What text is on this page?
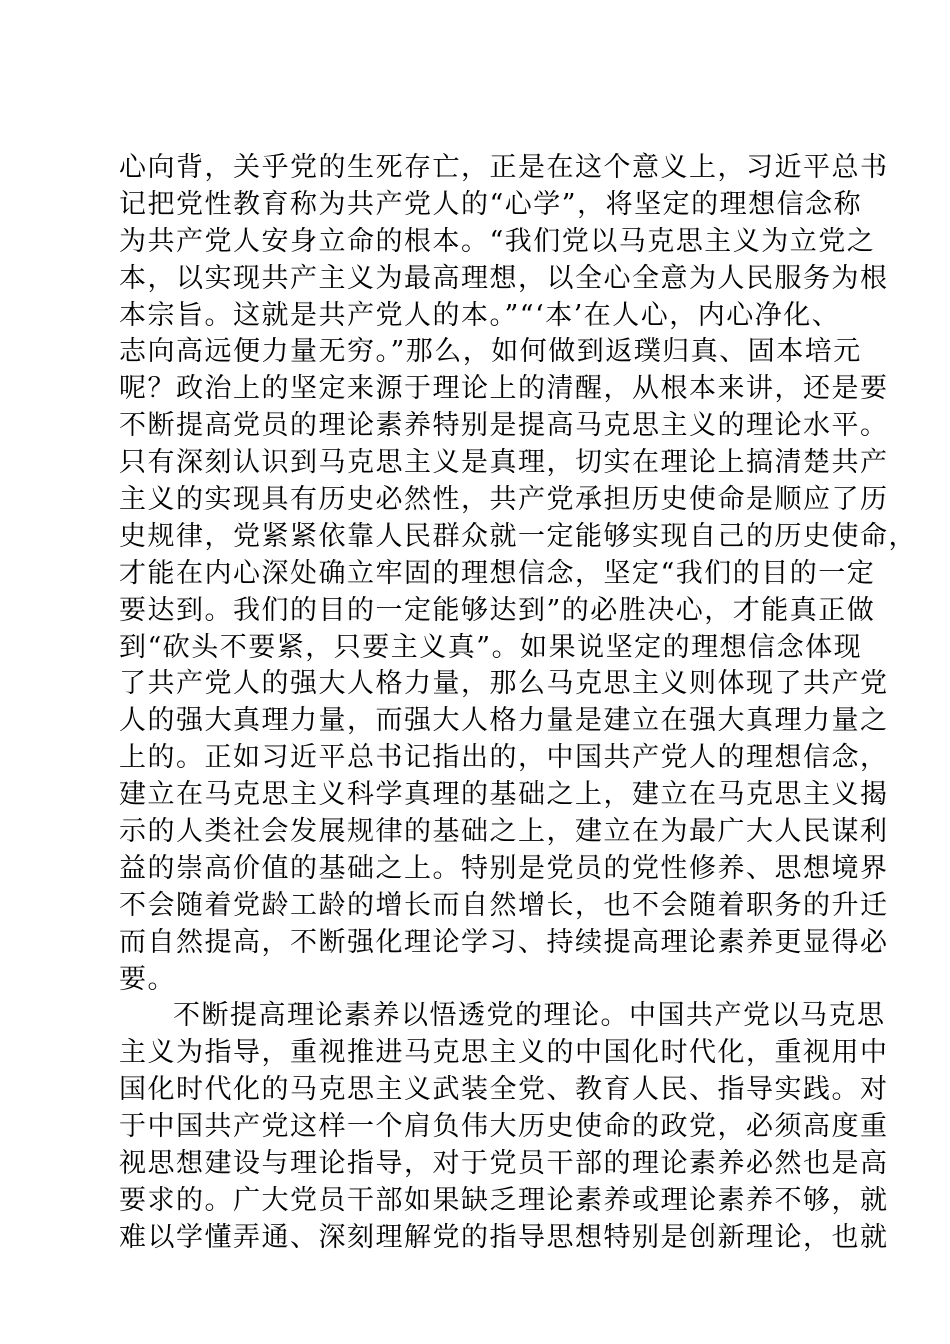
心向背，关乎党的生死存亡，正是在这个意义上，习近平总书

记把党性教育称为共产党人的“心学”，将坚定的理想信念称

为共产党人安身立命的根本。“我们党以马克思主义为立党之

本，以实现共产主义为最高理想，以全心全意为人民服务为根

本宗旨。这就是共产党人的本。”“‘本’在人心，内心净化、

志向高远便力量无穷。”那么，如何做到返璞归真、固本培元

呢？政治上的坚定来源于理论上的清醒，从根本来讲，还是要

不断提高党员的理论素养特别是提高马克思主义的理论水平。

只有深刻认识到马克思主义是真理，切实在理论上搞清楚共产

主义的实现具有历史必然性，共产党承担历史使命是顺应了历

史规律，党紧紧依靠人民群众就一定能够实现自己的历史使命，

才能在内心深处确立牢固的理想信念，坚定“我们的目的一定

要达到。我们的目的一定能够达到”的必胜决心，才能真正做

到“砍头不要紧，只要主义真”。如果说坚定的理想信念体现

了共产党人的强大人格力量，那么马克思主义则体现了共产党

人的强大真理力量，而强大人格力量是建立在强大真理力量之

上的。正如习近平总书记指出的，中国共产党人的理想信念，

建立在马克思主义科学真理的基础之上，建立在马克思主义揭

示的人类社会发展规律的基础之上，建立在为最广大人民谋利

益的崇高价值的基础之上。特别是党员的党性修养、思想境界

不会随着党龄工龄的增长而自然增长，也不会随着职务的升迁

而自然提高，不断强化理论学习、持续提高理论素养更显得必

要。

不断提高理论素养以悟透党的理论。中国共产党以马克思

主义为指导，重视推进马克思主义的中国化时代化，重视用中

国化时代化的马克思主义武装全党、教育人民、指导实践。对

于中国共产党这样一个肩负伟大历史使命的政党，必须高度重

视思想建设与理论指导，对于党员干部的理论素养必然也是高

要求的。广大党员干部如果缺乏理论素养或理论素养不够，就

难以学懂弄通、深刻理解党的指导思想特别是创新理论，也就
